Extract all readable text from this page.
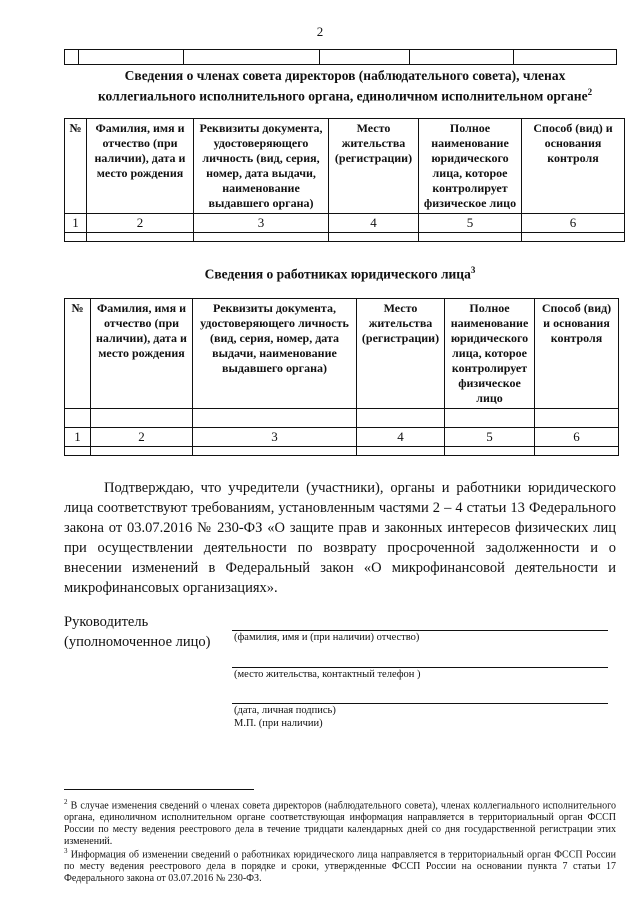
2

Сведения о членах совета директоров (наблюдательного совета), членах коллегиального исполнительного органа, единоличном исполнительном органе$^2$
№	Фамилия, имя и отчество (при наличии), дата и место рождения	Реквизиты документа, удостоверяющего личность (вид, серия, номер, дата выдачи, наименование выдавшего органа)	Место жительства (регистрации)	Полное наименование юридического лица, которое контролирует физическое лицо	Способ (вид) и основания контроля
1	2	3	4	5	6

Сведения о работниках юридического лица$^3$
№	Фамилия, имя и отчество (при наличии), дата и место рождения	Реквизиты документа, удостоверяющего личность (вид, серия, номер, дата выдачи, наименование выдавшего органа)	Место жительства (регистрации)	Полное наименование юридического лица, которое контролирует физическое лицо	Способ (вид) и основания контроля

1	2	3	4	5	6

Подтверждаю, что учредители (участники), органы и работники юридического лица соответствуют требованиям, установленным частями 2 – 4 статьи 13 Федерального закона от 03.07.2016 № 230-ФЗ «О защите прав и законных интересов физических лиц при осуществлении деятельности по возврату просроченной задолженности и о внесении изменений в Федеральный закон «О микрофинансовой деятельности и микрофинансовых организациях».

Руководитель
(уполномоченное лицо) (фамилия, имя и (при наличии) отчество)
(место жительства, контактный телефон )
(дата, личная подпись)
М.П. (при наличии)

$^2$ В случае изменения сведений о членах совета директоров (наблюдательного совета), членах коллегиального исполнительного органа, единоличном исполнительном органе соответствующая информация направляется в территориальный орган ФССП России по месту ведения реестрового дела в течение тридцати календарных дней со дня государственной регистрации этих изменений.

$^3$ Информация об изменении сведений о работниках юридического лица направляется в территориальный орган ФССП России по месту ведения реестрового дела в порядке и сроки, утвержденные ФССП России на основании пункта 7 статьи 17 Федерального закона от 03.07.2016 № 230-ФЗ.
